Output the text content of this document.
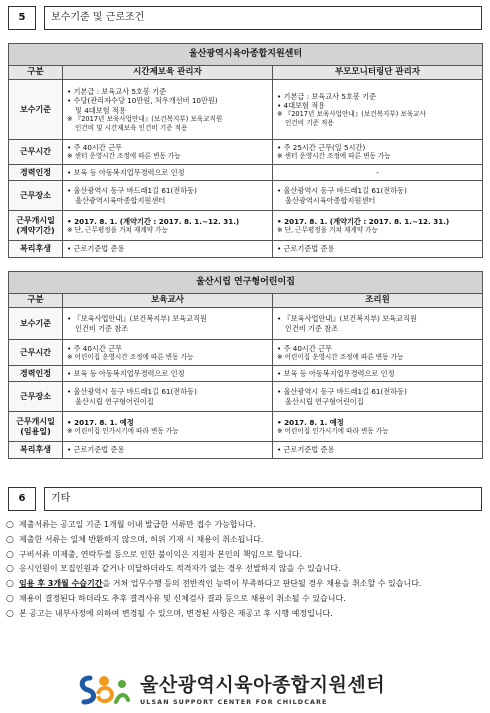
5	보수기준 및 근로조건
울산광역시육아종합지원센터		
구분	시간제보육 관리자	부모모니터링단 관리자

보수기준	• 기본급 : 보육교사 5호봉 기준
• 수당(관리자수당 10만원, 처우개선비 10만원)
및 4대보험 적용
※ 『2017년 보육사업안내』(보건복지부) 보육교직원
인건비 및 시간제보육 인건비 기준 적용	• 기본급 : 보육교사 5호봉 기준
• 4대보험 적용
※ 『2017년 보육사업안내』(보건복지부) 보육교사
인건비 기준 적용

근무시간	• 주 40시간 근무
※ 센터 운영시간 조정에 따른 변동 가능	• 주 25시간 근무(일 5시간)
※ 센터 운영시간 조정에 따른 변동 가능

경력인정	• 보육 등 아동복지업무경력으로 인정	-

근무장소	• 울산광역시 동구 바드래1길 61(전하동)
울산광역시육아종합지원센터	• 울산광역시 동구 바드래1길 61(전하동)
울산광역시육아종합지원센터

근무개시일
(계약기간)	• 2017. 8. 1. (계약기간 : 2017. 8. 1.~12. 31.)
※ 단, 근무평정을 거쳐 재계약 가능	• 2017. 8. 1. (계약기간 : 2017. 8. 1.~12. 31.)
※ 단, 근무평정을 거쳐 재계약 가능

복리후생	• 근로기준법 준용	• 근로기준법 준용
울산시립 연구형어린이집		
구분	보육교사	조리원

보수기준	• 『보육사업안내』(보건복지부) 보육교직원
인건비 기준 참조	• 『보육사업안내』(보건복지부) 보육교직원
인건비 기준 참조

근무시간	• 주 40시간 근무
※ 어린이집 운영시간 조정에 따른 변동 가능	• 주 40시간 근무
※ 어린이집 운영시간 조정에 따른 변동 가능

경력인정	• 보육 등 아동복지업무경력으로 인정	• 보육 등 아동복지업무경력으로 인정

근무장소	• 울산광역시 동구 바드래1길 61(전하동)
울산시립 연구형어린이집	• 울산광역시 동구 바드래1길 61(전하동)
울산시립 연구형어린이집

근무개시일
(임용일)	• 2017. 8. 1. 예정
※ 어린이집 인가시기에 따라 변동 가능	• 2017. 8. 1. 예정
※ 어린이집 인가시기에 따라 변동 가능

복리후생	• 근로기준법 준용	• 근로기준법 준용
6	기타
○ 제출서류는 공고일 기준 1개월 이내 발급한 서류만 접수 가능합니다.
○ 제출한 서류는 일체 반환하지 않으며, 허위 기재 시 채용이 취소됩니다.
○ 구비서류 미제출, 연락두절 등으로 인한 불이익은 지원자 본인의 책임으로 합니다.
○ 응시인원이 모집인원과 같거나 미달하더라도 적격자가 없는 경우 선발하지 않을 수 있습니다.
○ 임용 후 3개월 수습기간을 거쳐 업무수행 등의 전반적인 능력이 부족하다고 판단될 경우 채용을 취소할 수 있습니다.
○ 채용이 결정된다 하더라도 추후 결격사유 및 신체검사 결과 등으로 채용이 취소될 수 있습니다.
○ 본 공고는 내부사정에 의하여 변경될 수 있으며, 변경된 사항은 재공고 후 시행 예정입니다.
울산광역시육아종합지원센터
ULSAN SUPPORT CENTER FOR CHILDCARE
